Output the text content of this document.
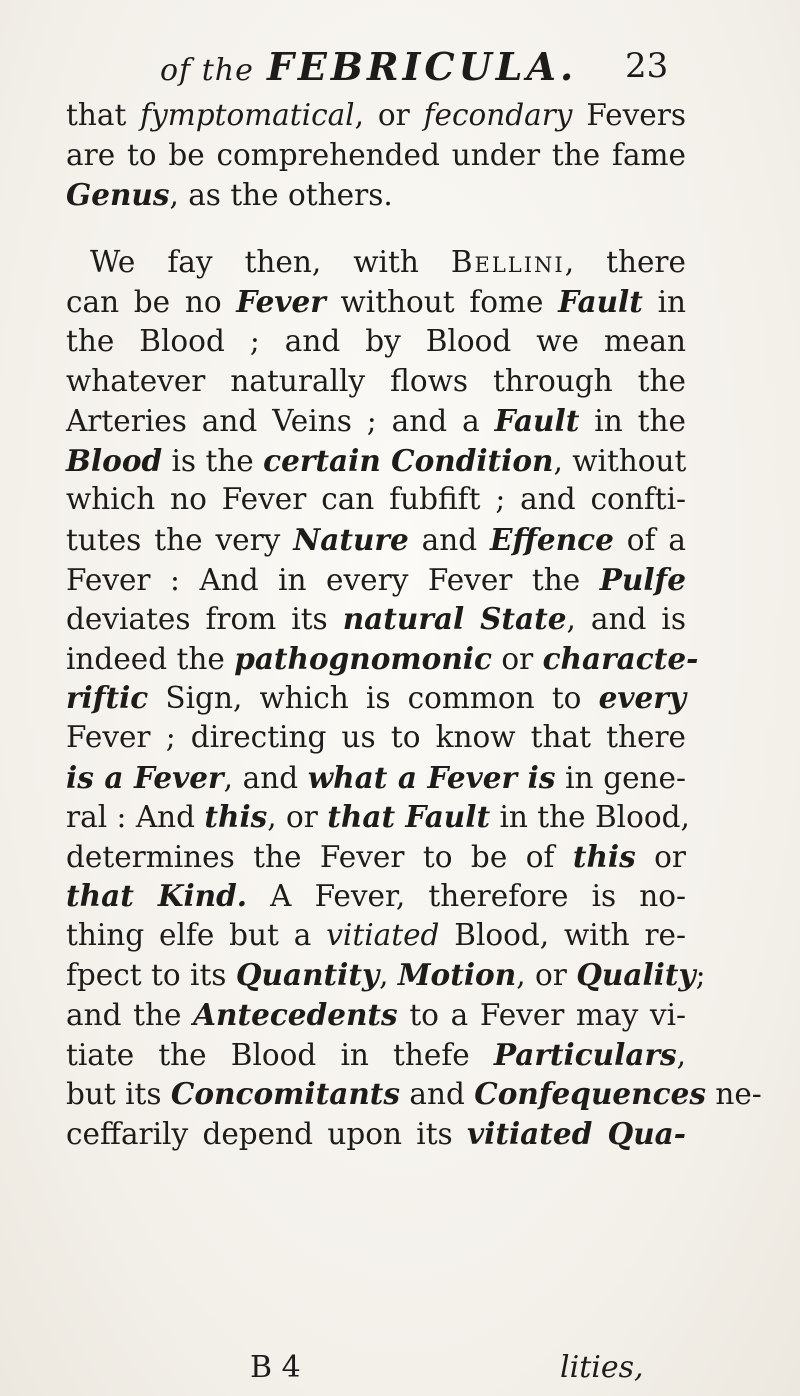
of the FEBRICULA. 23
that fymptomatical, or fecondary Fevers
are to be comprehended under the fame
Genus, as the others.
We fay then, with Bellini, there
can be no Fever without fome Fault in
the Blood ; and by Blood we mean
whatever naturally flows through the
Arteries and Veins ; and a Fault in the
Blood is the certain Condition, without
which no Fever can fubfift ; and confti-
tutes the very Nature and Effence of a
Fever : And in every Fever the Pulfe
deviates from its natural State, and is
indeed the pathognomonic or characte-
riftic Sign, which is common to every
Fever ; directing us to know that there
is a Fever, and what a Fever is in gene-
ral : And this, or that Fault in the Blood,
determines the Fever to be of this or
that Kind. A Fever, therefore is no-
thing elfe but a vitiated Blood, with re-
fpect to its Quantity, Motion, or Quality;
and the Antecedents to a Fever may vi-
tiate the Blood in thefe Particulars,
but its Concomitants and Confequences ne-
ceffarily depend upon its vitiated Qua-
B 4	lities,
